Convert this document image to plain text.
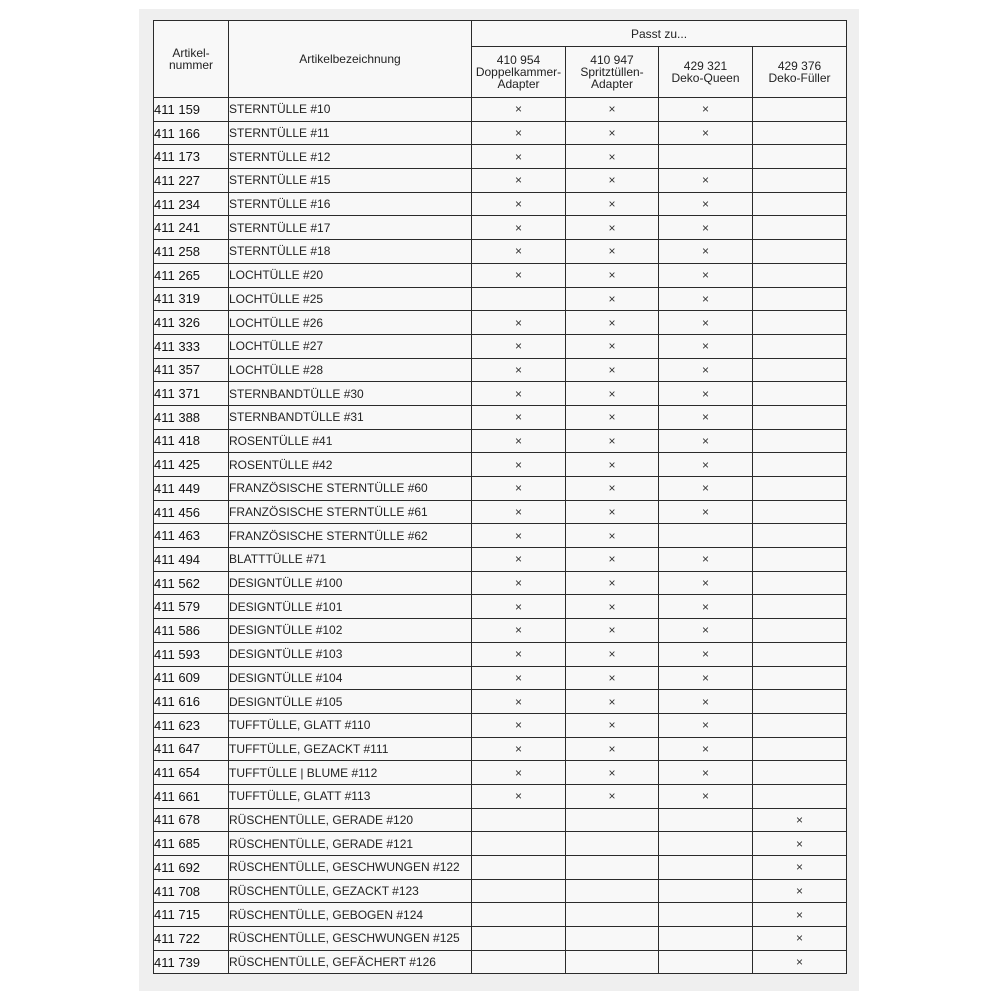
Artikel-
nummer	Artikelbezeichnung	Passt zu...			

		410 954
Doppelkammer-
Adapter	410 947
Spritztüllen-
Adapter	429 321
Deko-Queen	429 376
Deko-Füller

411 159	STERNTÜLLE #10	×	×	×	
411 166	STERNTÜLLE #11	×	×	×	
411 173	STERNTÜLLE #12	×	×		
411 227	STERNTÜLLE #15	×	×	×	
411 234	STERNTÜLLE #16	×	×	×	
411 241	STERNTÜLLE #17	×	×	×	
411 258	STERNTÜLLE #18	×	×	×	
411 265	LOCHTÜLLE #20	×	×	×	
411 319	LOCHTÜLLE #25		×	×	
411 326	LOCHTÜLLE #26	×	×	×	
411 333	LOCHTÜLLE #27	×	×	×	
411 357	LOCHTÜLLE #28	×	×	×	
411 371	STERNBANDTÜLLE #30	×	×	×	
411 388	STERNBANDTÜLLE #31	×	×	×	
411 418	ROSENTÜLLE #41	×	×	×	
411 425	ROSENTÜLLE #42	×	×	×	
411 449	FRANZÖSISCHE STERNTÜLLE #60	×	×	×	
411 456	FRANZÖSISCHE STERNTÜLLE #61	×	×	×	
411 463	FRANZÖSISCHE STERNTÜLLE #62	×	×		
411 494	BLATTTÜLLE #71	×	×	×	
411 562	DESIGNTÜLLE #100	×	×	×	
411 579	DESIGNTÜLLE #101	×	×	×	
411 586	DESIGNTÜLLE #102	×	×	×	
411 593	DESIGNTÜLLE #103	×	×	×	
411 609	DESIGNTÜLLE #104	×	×	×	
411 616	DESIGNTÜLLE #105	×	×	×	
411 623	TUFFTÜLLE, GLATT #110	×	×	×	
411 647	TUFFTÜLLE, GEZACKT #111	×	×	×	
411 654	TUFFTÜLLE | BLUME #112	×	×	×	
411 661	TUFFTÜLLE, GLATT #113	×	×	×	
411 678	RÜSCHENTÜLLE, GERADE #120				×
411 685	RÜSCHENTÜLLE, GERADE #121				×
411 692	RÜSCHENTÜLLE, GESCHWUNGEN #122				×
411 708	RÜSCHENTÜLLE, GEZACKT #123				×
411 715	RÜSCHENTÜLLE, GEBOGEN #124				×
411 722	RÜSCHENTÜLLE, GESCHWUNGEN #125				×
411 739	RÜSCHENTÜLLE, GEFÄCHERT #126				×
